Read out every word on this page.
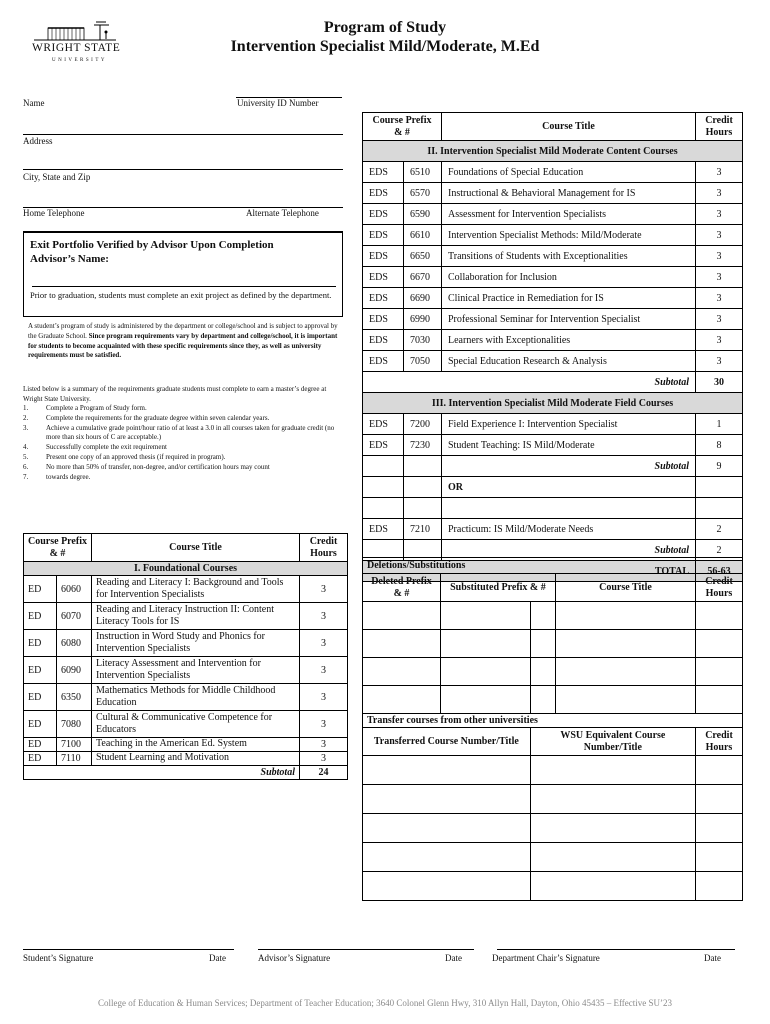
WRIGHT STATE
UNIVERSITY
Program of Study
Intervention Specialist Mild/Moderate, M.Ed
Name	University ID Number
Address
City, State and Zip
Home Telephone	Alternate Telephone
Exit Portfolio Verified by Advisor Upon Completion
Advisor’s Name:
Prior to graduation, students must complete an exit project as defined by the department.
A student’s program of study is administered by the department or college/school and is subject to approval by the Graduate School. Since program requirements vary by department and college/school, it is important for students to become acquainted with these specific requirements since they, as well as university requirements must be satisfied.
Listed below is a summary of the requirements graduate students must complete to earn a master’s degree at Wright State University.
1.	Complete a Program of Study form.
2.	Complete the requirements for the graduate degree within seven calendar years.
3.	Achieve a cumulative grade point/hour ratio of at least a 3.0 in all courses taken for graduate credit (no more than six hours of C are acceptable.)
4.	Successfully complete the exit requirement
5.	Present one copy of an approved thesis (if required in program).
6.	No more than 50% of transfer, non-degree, and/or certification hours may count
7.	towards degree.
Course Prefix & #		Course Title	Credit Hours
II. Intervention Specialist Mild Moderate Content Courses			
EDS	6510	Foundations of Special Education	3
EDS	6570	Instructional & Behavioral Management for IS	3
EDS	6590	Assessment for Intervention Specialists	3
EDS	6610	Intervention Specialist Methods: Mild/Moderate	3
EDS	6650	Transitions of Students with Exceptionalities	3
EDS	6670	Collaboration for Inclusion	3
EDS	6690	Clinical Practice in Remediation for IS	3
EDS	6990	Professional Seminar for Intervention Specialist	3
EDS	7030	Learners with Exceptionalities	3
EDS	7050	Special Education Research & Analysis	3
Subtotal			30
III. Intervention Specialist Mild Moderate Field Courses			
EDS	7200	Field Experience I: Intervention Specialist	1
EDS	7230	Student Teaching: IS Mild/Moderate	8
		Subtotal	9
		OR	

EDS	7210	Practicum: IS Mild/Moderate Needs	2
		Subtotal	2
TOTAL			56-63
Course Prefix & #		Course Title	Credit Hours
I. Foundational Courses			
ED	6060	Reading and Literacy I: Background and Tools for Intervention Specialists	3
ED	6070	Reading and Literacy Instruction II: Content Literacy Tools for IS	3
ED	6080	Instruction in Word Study and Phonics for Intervention Specialists	3
ED	6090	Literacy Assessment and Intervention for Intervention Specialists	3
ED	6350	Mathematics Methods for Middle Childhood Education	3
ED	7080	Cultural & Communicative Competence for Educators	3
ED	7100	Teaching in the American Ed. System	3
ED	7110	Student Learning and Motivation	3
Subtotal			24
Deletions/Substitutions				
Deleted Prefix & #	Substituted Prefix & #		Course Title	Credit Hours

Transfer courses from other universities				
Transferred Course Number/Title		WSU Equivalent Course Number/Title		Credit Hours

Student’s Signature	Date	Advisor’s Signature	Date	Department Chair’s Signature	Date
College of Education & Human Services; Department of Teacher Education; 3640 Colonel Glenn Hwy, 310 Allyn Hall, Dayton, Ohio 45435 – Effective SU’23
